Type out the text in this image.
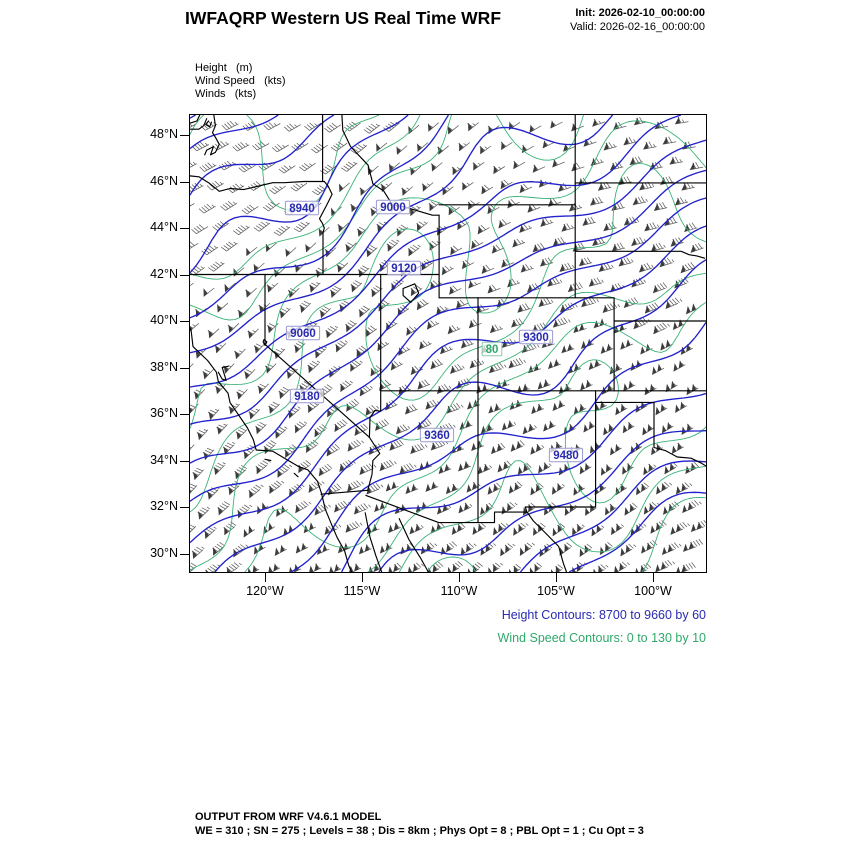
IWFAQRP Western US Real Time WRF	Init: 2026-02-10_00:00:00
Valid: 2026-02-16_00:00:00
Height   (m)
Wind Speed   (kts)
Winds   (kts)
8940	9000
9120
9060	9300
9180
9360
9480
80
48°N
46°N
44°N
42°N
40°N
38°N
36°N
34°N
32°N
30°N
120°W	115°W	110°W	105°W	100°W
Height Contours: 8700 to 9660 by 60
Wind Speed Contours: 0 to 130 by 10
OUTPUT FROM WRF V4.6.1 MODEL
WE = 310 ; SN = 275 ; Levels = 38 ; Dis = 8km ; Phys Opt = 8 ; PBL Opt = 1 ; Cu Opt = 3
